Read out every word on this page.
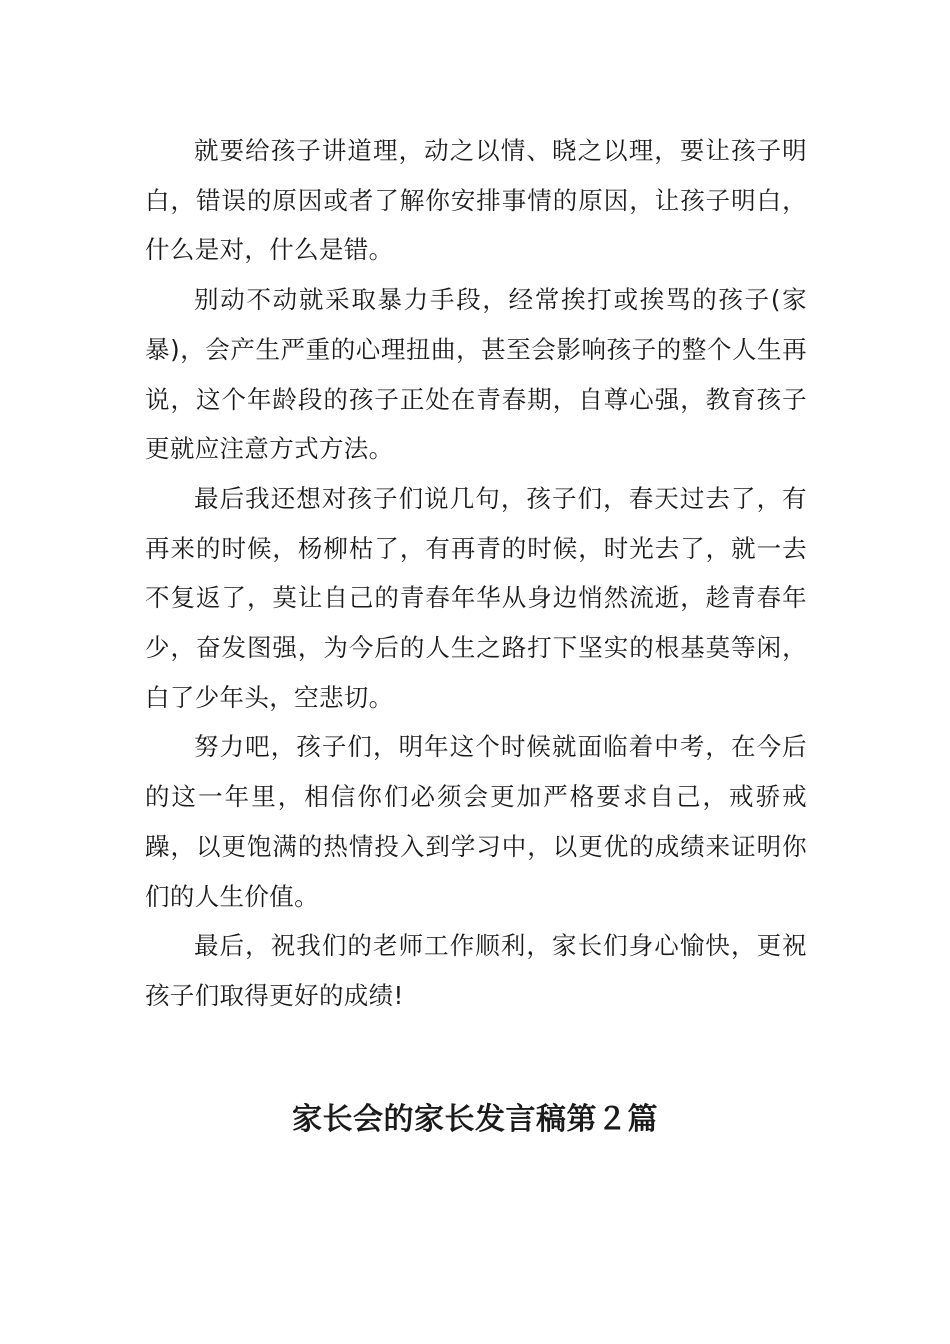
就要给孩子讲道理，动之以情、晓之以理，要让孩子明白，错误的原因或者了解你安排事情的原因，让孩子明白，什么是对，什么是错。

别动不动就采取暴力手段，经常挨打或挨骂的孩子(家暴)，会产生严重的心理扭曲，甚至会影响孩子的整个人生再说，这个年龄段的孩子正处在青春期，自尊心强，教育孩子更就应注意方式方法。

最后我还想对孩子们说几句，孩子们，春天过去了，有再来的时候，杨柳枯了，有再青的时候，时光去了，就一去不复返了，莫让自己的青春年华从身边悄然流逝，趁青春年少，奋发图强，为今后的人生之路打下坚实的根基莫等闲，白了少年头，空悲切。

努力吧，孩子们，明年这个时候就面临着中考，在今后的这一年里，相信你们必须会更加严格要求自己，戒骄戒躁，以更饱满的热情投入到学习中，以更优的成绩来证明你们的人生价值。

最后，祝我们的老师工作顺利，家长们身心愉快，更祝孩子们取得更好的成绩!

家长会的家长发言稿第２篇
